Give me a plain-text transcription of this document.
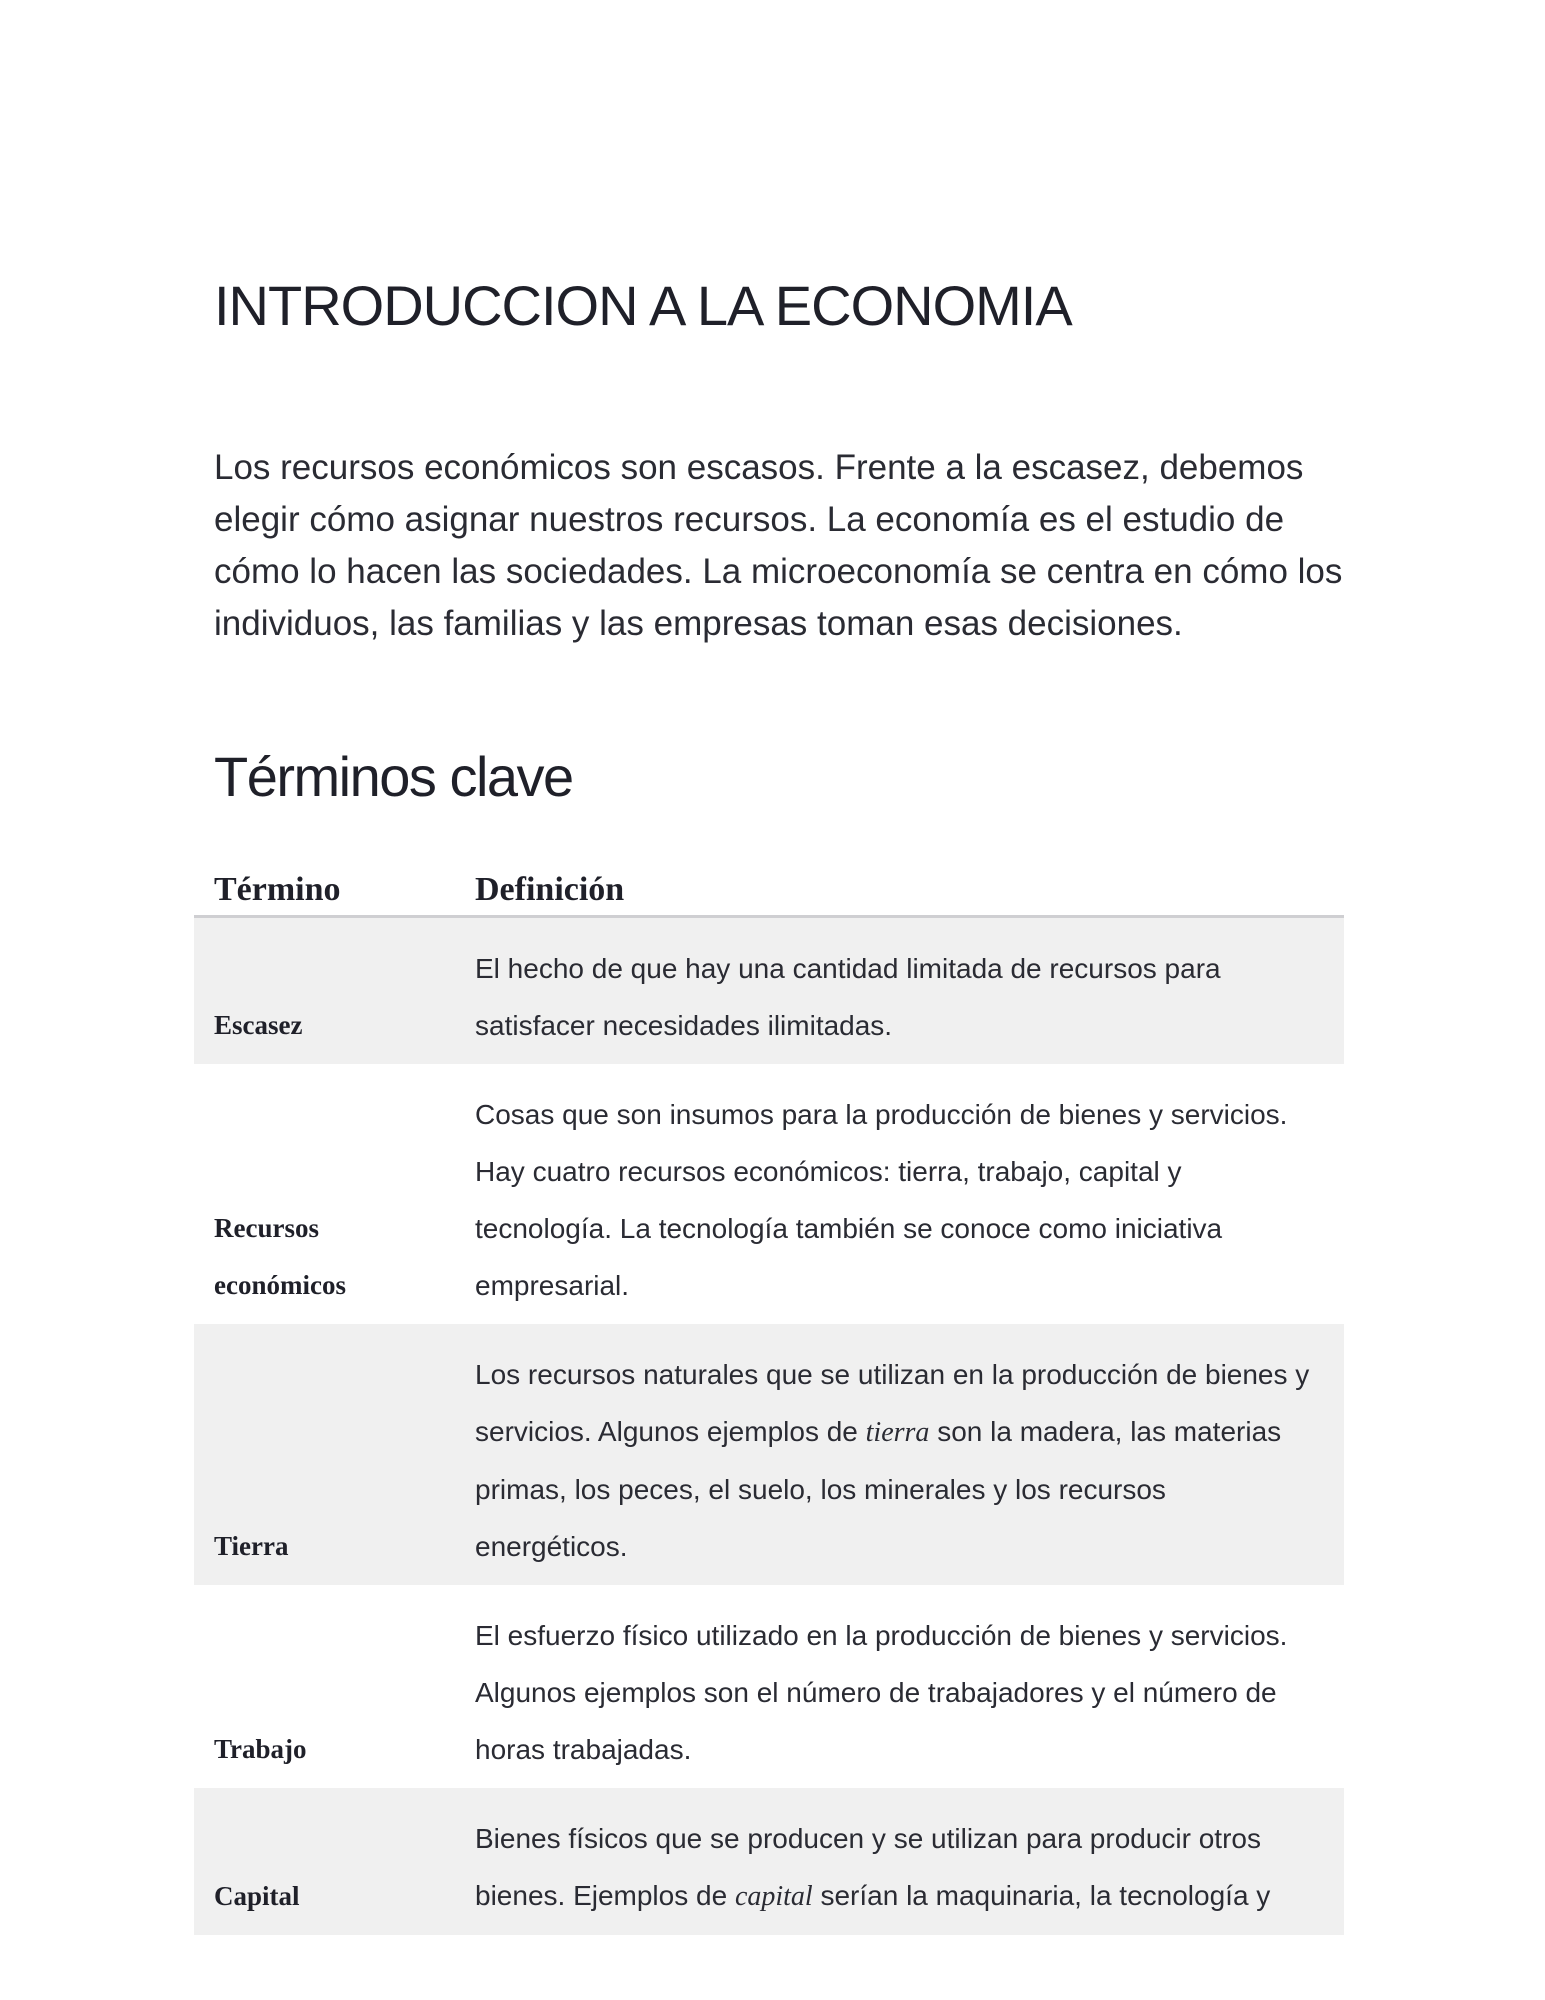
INTRODUCCION A LA ECONOMIA

Los recursos económicos son escasos. Frente a la escasez, debemos elegir cómo asignar nuestros recursos. La economía es el estudio de cómo lo hacen las sociedades. La microeconomía se centra en cómo los individuos, las familias y las empresas toman esas decisiones.

Términos clave
Término	Definición
Escasez	El hecho de que hay una cantidad limitada de recursos para satisfacer necesidades ilimitadas.
Recursos económicos	Cosas que son insumos para la producción de bienes y servicios. Hay cuatro recursos económicos: tierra, trabajo, capital y tecnología. La tecnología también se conoce como iniciativa empresarial.
Tierra	Los recursos naturales que se utilizan en la producción de bienes y servicios. Algunos ejemplos de tierra son la madera, las materias primas, los peces, el suelo, los minerales y los recursos energéticos.
Trabajo	El esfuerzo físico utilizado en la producción de bienes y servicios. Algunos ejemplos son el número de trabajadores y el número de horas trabajadas.
Capital	Bienes físicos que se producen y se utilizan para producir otros bienes. Ejemplos de capital serían la maquinaria, la tecnología y
